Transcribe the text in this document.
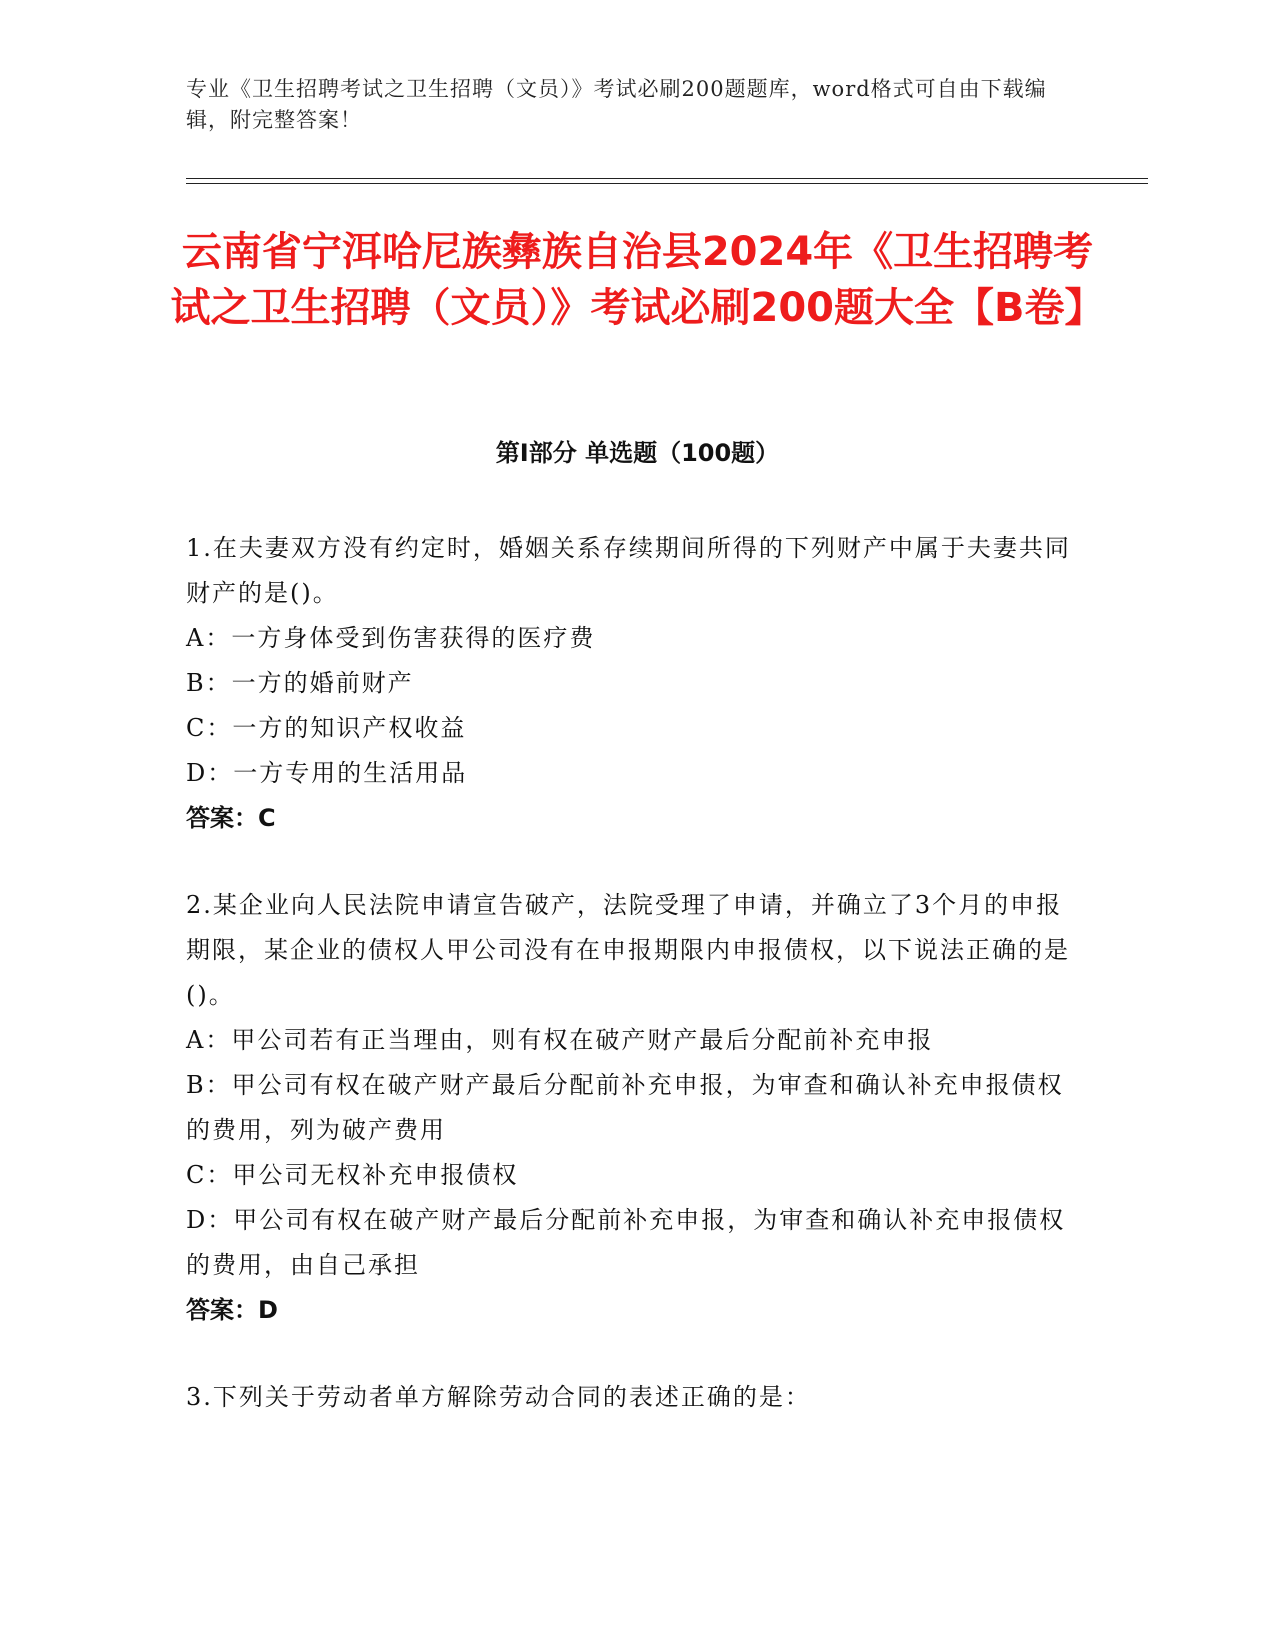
专业《卫生招聘考试之卫生招聘（文员）》考试必刷200题题库，word格式可自由下载编辑，附完整答案！
云南省宁洱哈尼族彝族自治县2024年《卫生招聘考试之卫生招聘（文员）》考试必刷200题大全【B卷】
第I部分 单选题（100题）
1.在夫妻双方没有约定时，婚姻关系存续期间所得的下列财产中属于夫妻共同财产的是()。
A：一方身体受到伤害获得的医疗费
B：一方的婚前财产
C：一方的知识产权收益
D：一方专用的生活用品
答案：C
2.某企业向人民法院申请宣告破产，法院受理了申请，并确立了3个月的申报期限，某企业的债权人甲公司没有在申报期限内申报债权，以下说法正确的是()。
A：甲公司若有正当理由，则有权在破产财产最后分配前补充申报
B：甲公司有权在破产财产最后分配前补充申报，为审查和确认补充申报债权的费用，列为破产费用
C：甲公司无权补充申报债权
D：甲公司有权在破产财产最后分配前补充申报，为审查和确认补充申报债权的费用，由自己承担
答案：D
3.下列关于劳动者单方解除劳动合同的表述正确的是：
